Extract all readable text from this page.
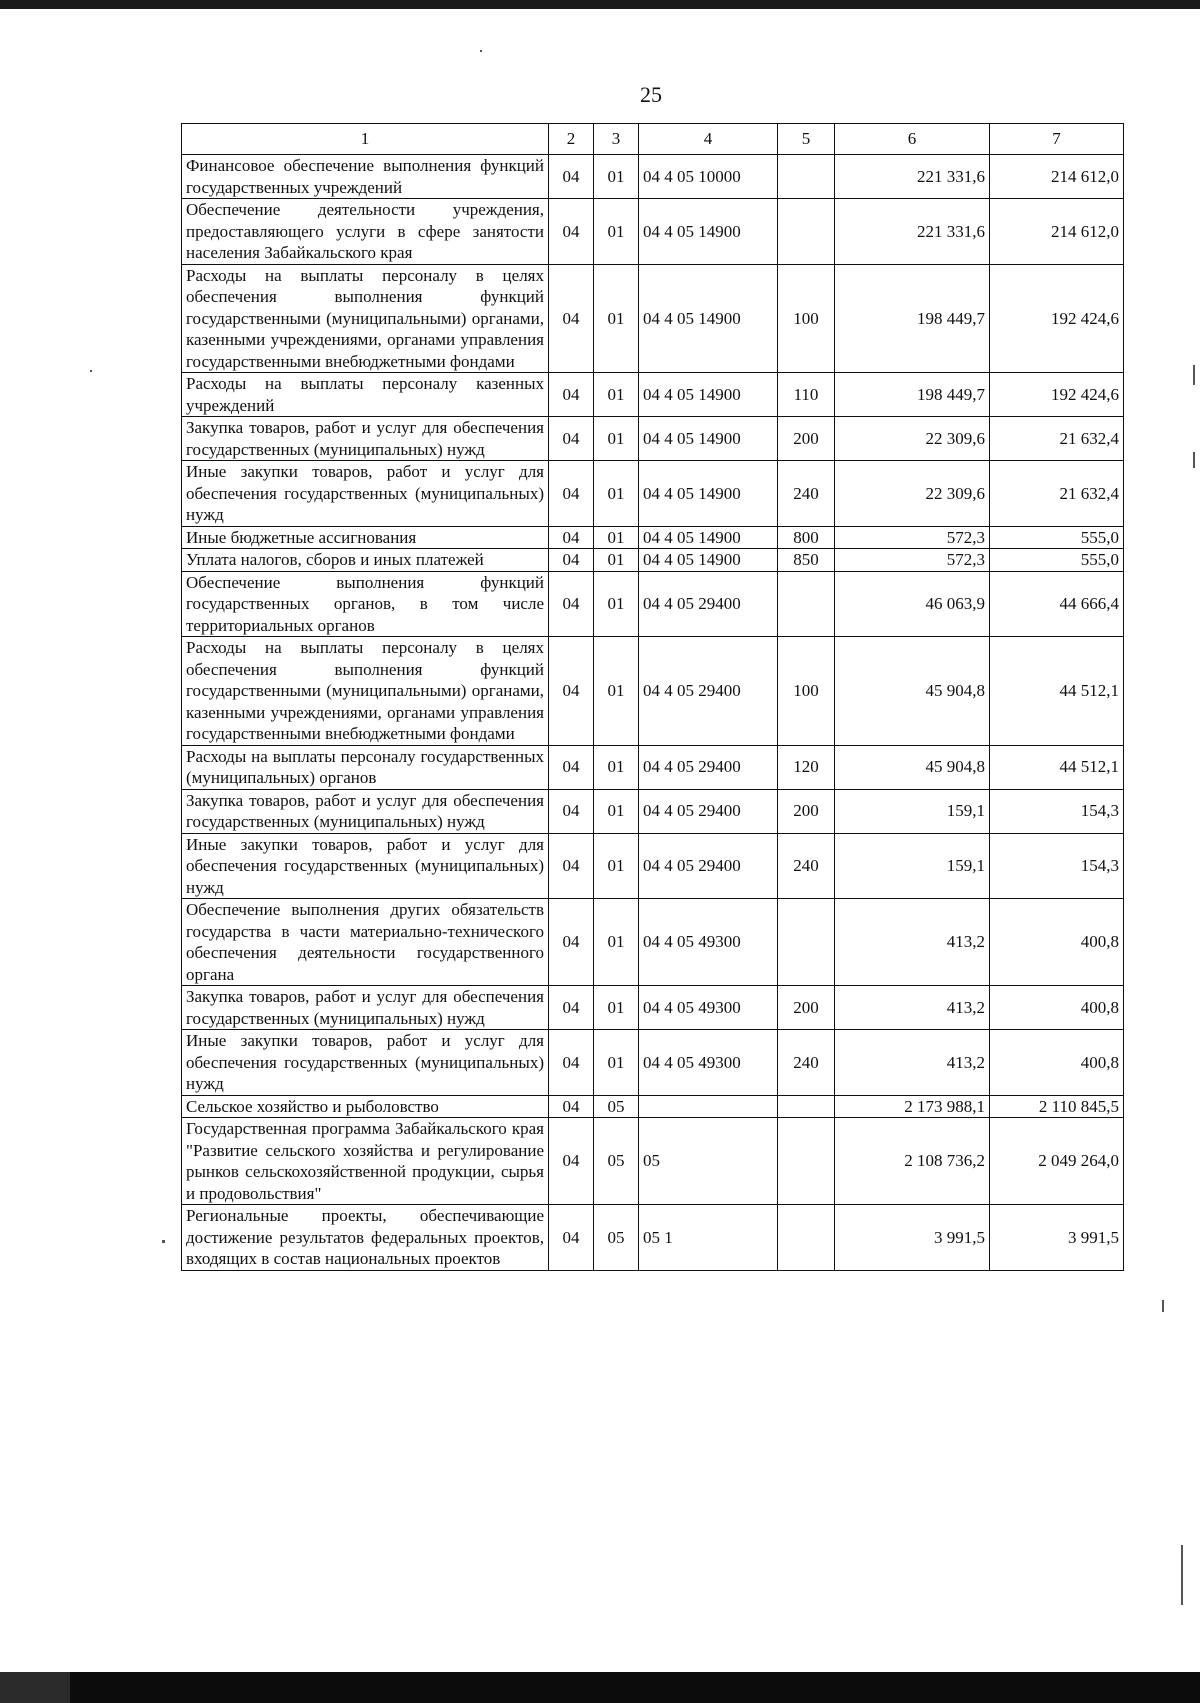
25
1	2	3	4	5	6	7
Финансовое обеспечение выполнения функций государственных учреждений	04	01	04 4 05 10000		221 331,6	214 612,0
Обеспечение деятельности учреждения, предоставляющего услуги в сфере занятости населения Забайкальского края	04	01	04 4 05 14900		221 331,6	214 612,0
Расходы на выплаты персоналу в целях обеспечения выполнения функций государственными (муниципальными) органами, казенными учреждениями, органами управления государственными внебюджетными фондами	04	01	04 4 05 14900	100	198 449,7	192 424,6
Расходы на выплаты персоналу казенных учреждений	04	01	04 4 05 14900	110	198 449,7	192 424,6
Закупка товаров, работ и услуг для обеспечения государственных (муниципальных) нужд	04	01	04 4 05 14900	200	22 309,6	21 632,4
Иные закупки товаров, работ и услуг для обеспечения государственных (муниципальных) нужд	04	01	04 4 05 14900	240	22 309,6	21 632,4
Иные бюджетные ассигнования	04	01	04 4 05 14900	800	572,3	555,0
Уплата налогов, сборов и иных платежей	04	01	04 4 05 14900	850	572,3	555,0
Обеспечение выполнения функций государственных органов, в том числе территориальных органов	04	01	04 4 05 29400		46 063,9	44 666,4
Расходы на выплаты персоналу в целях обеспечения выполнения функций государственными (муниципальными) органами, казенными учреждениями, органами управления государственными внебюджетными фондами	04	01	04 4 05 29400	100	45 904,8	44 512,1
Расходы на выплаты персоналу государственных (муниципальных) органов	04	01	04 4 05 29400	120	45 904,8	44 512,1
Закупка товаров, работ и услуг для обеспечения государственных (муниципальных) нужд	04	01	04 4 05 29400	200	159,1	154,3
Иные закупки товаров, работ и услуг для обеспечения государственных (муниципальных) нужд	04	01	04 4 05 29400	240	159,1	154,3
Обеспечение выполнения других обязательств государства в части материально-технического обеспечения деятельности государственного органа	04	01	04 4 05 49300		413,2	400,8
Закупка товаров, работ и услуг для обеспечения государственных (муниципальных) нужд	04	01	04 4 05 49300	200	413,2	400,8
Иные закупки товаров, работ и услуг для обеспечения государственных (муниципальных) нужд	04	01	04 4 05 49300	240	413,2	400,8
Сельское хозяйство и рыболовство	04	05			2 173 988,1	2 110 845,5
Государственная программа Забайкальского края "Развитие сельского хозяйства и регулирование рынков сельскохозяйственной продукции, сырья и продовольствия"	04	05	05		2 108 736,2	2 049 264,0
Региональные проекты, обеспечивающие достижение результатов федеральных проектов, входящих в состав национальных проектов	04	05	05 1		3 991,5	3 991,5
